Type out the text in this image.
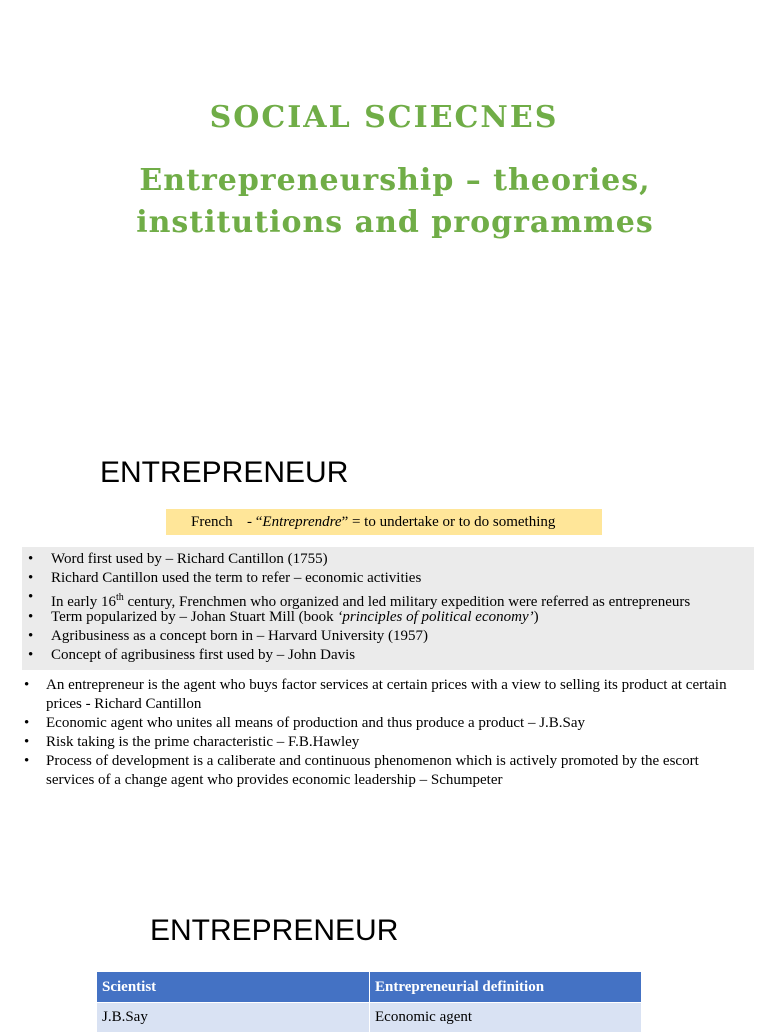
SOCIAL SCIECNES
Entrepreneurship – theories,
institutions and programmes
ENTREPRENEUR
French - “Entreprendre” = to undertake or to do something
• Word first used by – Richard Cantillon (1755)
• Richard Cantillon used the term to refer – economic activities
• In early 16th century, Frenchmen who organized and led military expedition were referred as entrepreneurs
• Term popularized by – Johan Stuart Mill (book ‘principles of political economy’)
• Agribusiness as a concept born in – Harvard University (1957)
• Concept of agribusiness first used by – John Davis
• An entrepreneur is the agent who buys factor services at certain prices with a view to selling its product at certain prices - Richard Cantillon
• Economic agent who unites all means of production and thus produce a product – J.B.Say
• Risk taking is the prime characteristic – F.B.Hawley
• Process of development is a caliberate and continuous phenomenon which is actively promoted by the escort services of a change agent who provides economic leadership – Schumpeter
ENTREPRENEUR
Scientist	Entrepreneurial definition
J.B.Say	Economic agent
